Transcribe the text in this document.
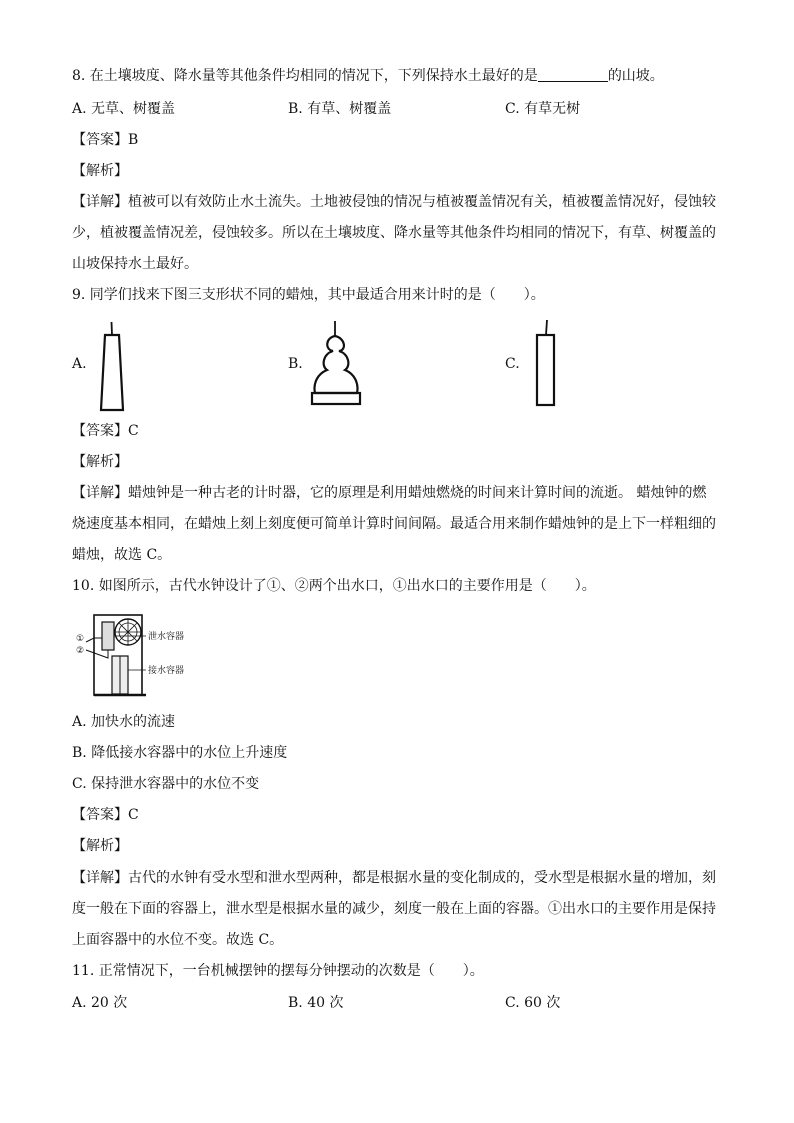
8. 在土壤坡度、降水量等其他条件均相同的情况下，下列保持水土最好的是	的山坡。
A. 无草、树覆盖	B. 有草、树覆盖	C. 有草无树
【答案】B
【解析】
【详解】植被可以有效防止水土流失。土地被侵蚀的情况与植被覆盖情况有关，植被覆盖情况好，侵蚀较
少，植被覆盖情况差，侵蚀较多。所以在土壤坡度、降水量等其他条件均相同的情况下，有草、树覆盖的
山坡保持水土最好。
9. 同学们找来下图三支形状不同的蜡烛，其中最适合用来计时的是（　　）。
A.	B.	C.
【答案】C
【解析】
【详解】蜡烛钟是一种古老的计时器，它的原理是利用蜡烛燃烧的时间来计算时间的流逝。 蜡烛钟的燃
烧速度基本相同，在蜡烛上刻上刻度便可简单计算时间间隔。最适合用来制作蜡烛钟的是上下一样粗细的
蜡烛，故选 C。
10. 如图所示，古代水钟设计了①、②两个出水口，①出水口的主要作用是（　　）。
①
②
泄水容器
接水容器
A. 加快水的流速
B. 降低接水容器中的水位上升速度
C. 保持泄水容器中的水位不变
【答案】C
【解析】
【详解】古代的水钟有受水型和泄水型两种，都是根据水量的变化制成的，受水型是根据水量的增加，刻
度一般在下面的容器上，泄水型是根据水量的减少，刻度一般在上面的容器。①出水口的主要作用是保持
上面容器中的水位不变。故选 C。
11. 正常情况下，一台机械摆钟的摆每分钟摆动的次数是（　　）。
A. 20 次	B. 40 次	C. 60 次
